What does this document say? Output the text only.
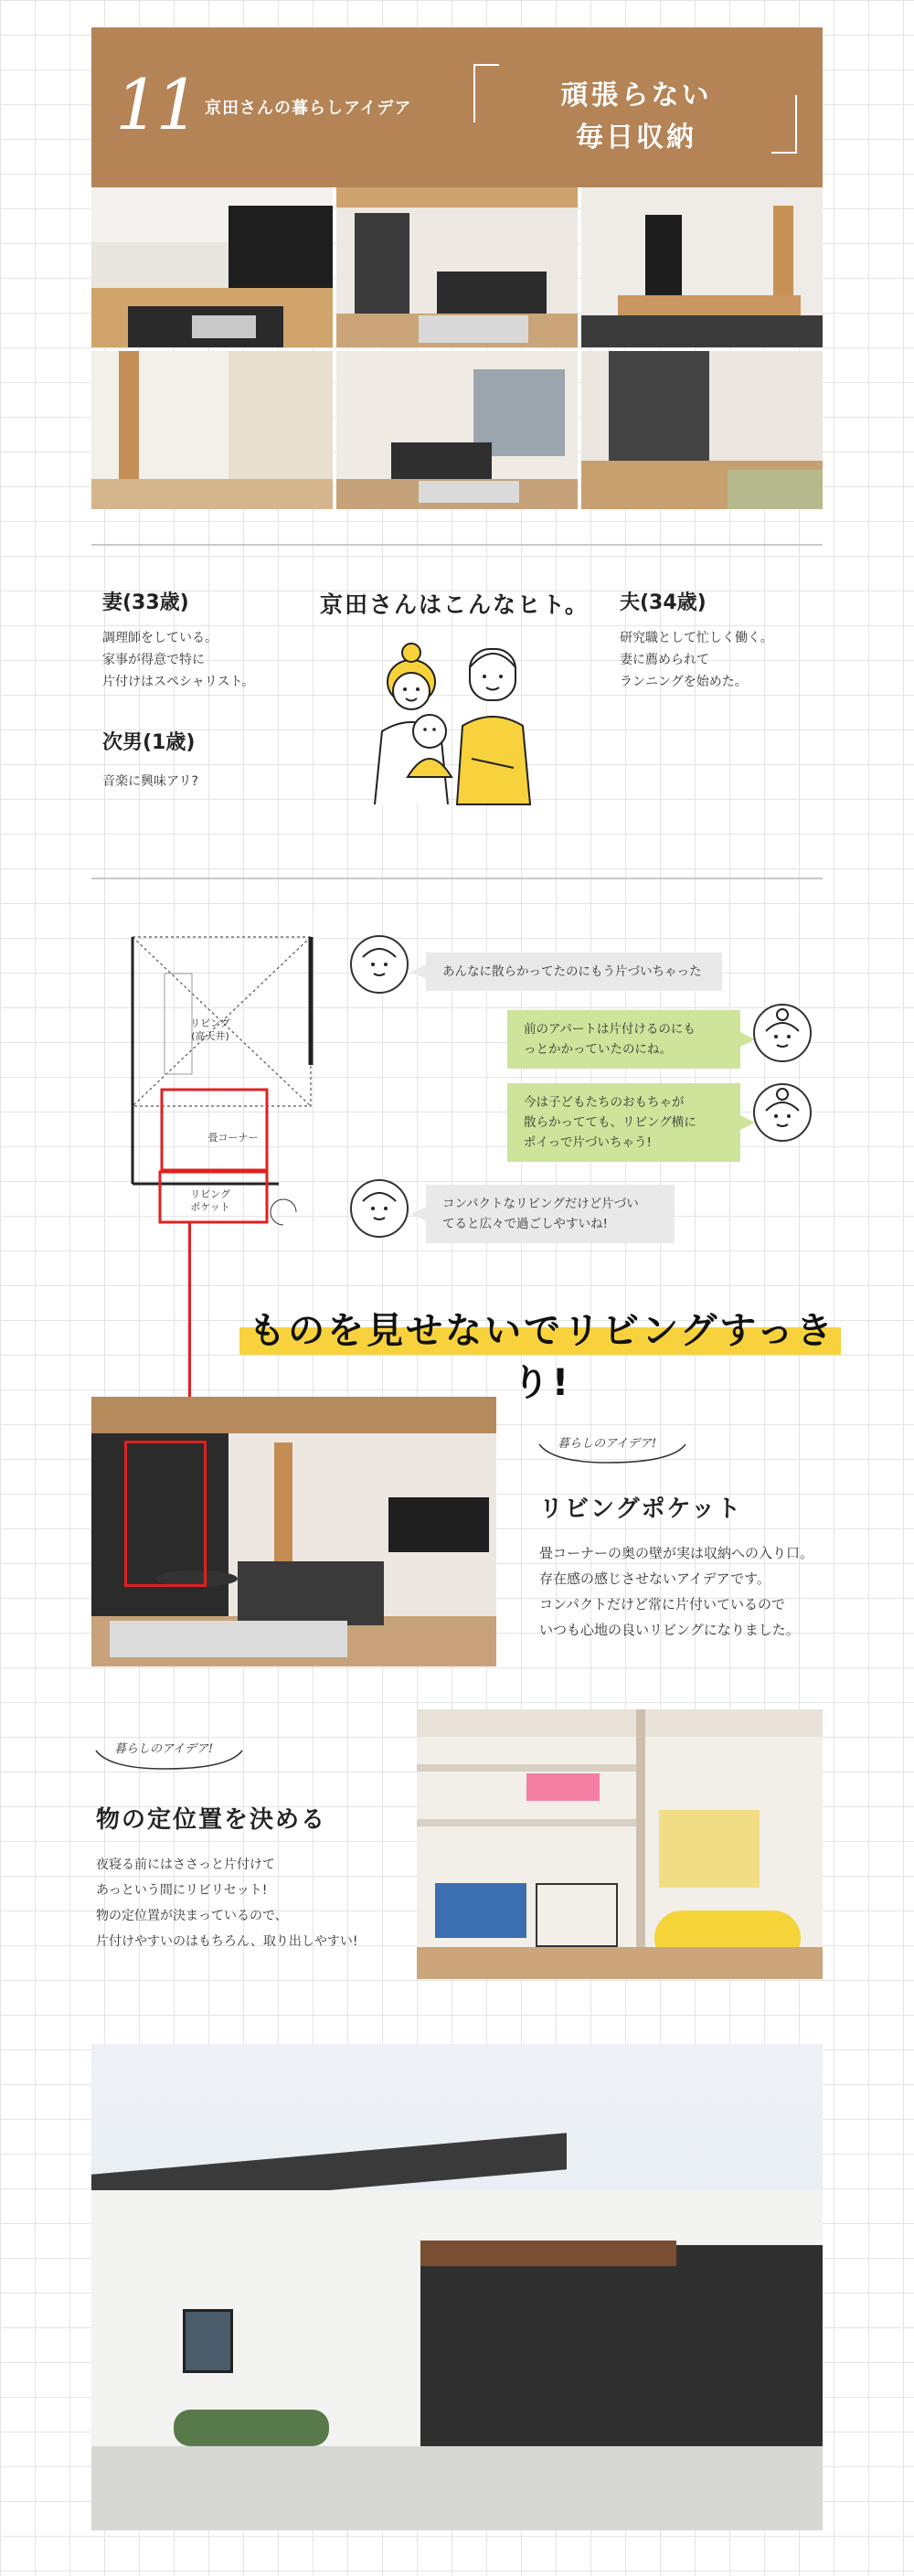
11 京田さんの暮らしアイデア	頑張らない
毎日収納
妻(33歳)
調理師をしている。
家事が得意で特に
片付けはスペシャリスト。
次男(1歳)
音楽に興味アリ?
京田さんはこんなヒト。 夫(34歳)
研究職として忙しく働く。
妻に薦められて
ランニングを始めた。
リビング
(高天井)
畳コーナー
リビング
ポケット
あんなに散らかってたのにもう片づいちゃった
前のアパートは片付けるのにも
っとかかっていたのにね。
今は子どもたちのおもちゃが
散らかってても、リビング横に
ポイっで片づいちゃう!
コンパクトなリビングだけど片づい
てると広々で過ごしやすいね!
ものを見せないでリビングすっきり!
暮らしのアイデア!
リビングポケット
畳コーナーの奥の壁が実は収納への入り口。
存在感の感じさせないアイデアです。
コンパクトだけど常に片付いているので
いつも心地の良いリビングになりました。
暮らしのアイデア!
物の定位置を決める
夜寝る前にはささっと片付けて
あっという間にリビリセット!
物の定位置が決まっているので、
片付けやすいのはもちろん、取り出しやすい!
